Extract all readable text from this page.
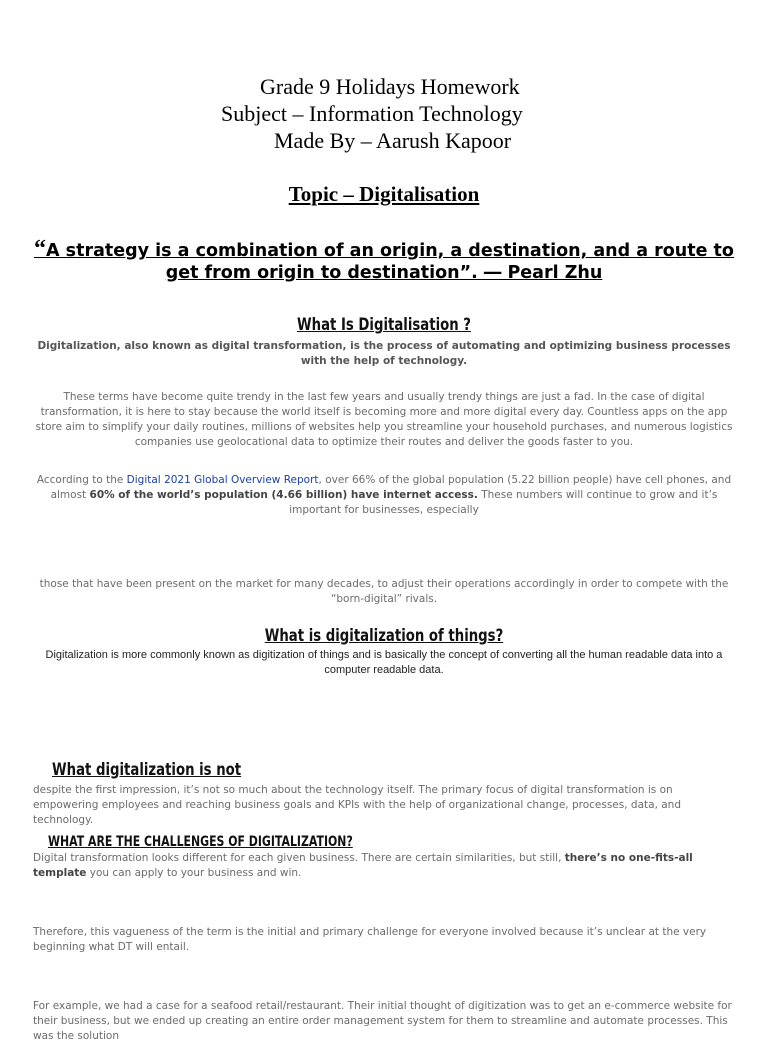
Grade 9 Holidays Homework

Subject – Information Technology

Made By – Aarush Kapoor

Topic – Digitalisation

“A strategy is a combination of an origin, a destination, and a route to get from origin to destination”. ― Pearl Zhu

What Is Digitalisation ?

Digitalization, also known as digital transformation, is the process of automating and optimizing business processes with the help of technology.

These terms have become quite trendy in the last few years and usually trendy things are just a fad. In the case of digital transformation, it is here to stay because the world itself is becoming more and more digital every day. Countless apps on the app store aim to simplify your daily routines, millions of websites help you streamline your household purchases, and numerous logistics companies use geolocational data to optimize their routes and deliver the goods faster to you.

According to the Digital 2021 Global Overview Report, over 66% of the global population (5.22 billion people) have cell phones, and almost 60% of the world’s population (4.66 billion) have internet access. These numbers will continue to grow and it’s important for businesses, especially

those that have been present on the market for many decades, to adjust their operations accordingly in order to compete with the “born-digital” rivals.

What is digitalization of things?

Digitalization is more commonly known as digitization of things and is basically the concept of converting all the human readable data into a computer readable data.

What digitalization is not

despite the first impression, it’s not so much about the technology itself. The primary focus of digital transformation is on empowering employees and reaching business goals and KPIs with the help of organizational change, processes, data, and technology.

WHAT ARE THE CHALLENGES OF DIGITALIZATION?

Digital transformation looks different for each given business. There are certain similarities, but still, there’s no one-fits-all template you can apply to your business and win.

Therefore, this vagueness of the term is the initial and primary challenge for everyone involved because it’s unclear at the very beginning what DT will entail.

For example, we had a case for a seafood retail/restaurant. Their initial thought of digitization was to get an e-commerce website for their business, but we ended up creating an entire order management system for them to streamline and automate processes. This was the solution
